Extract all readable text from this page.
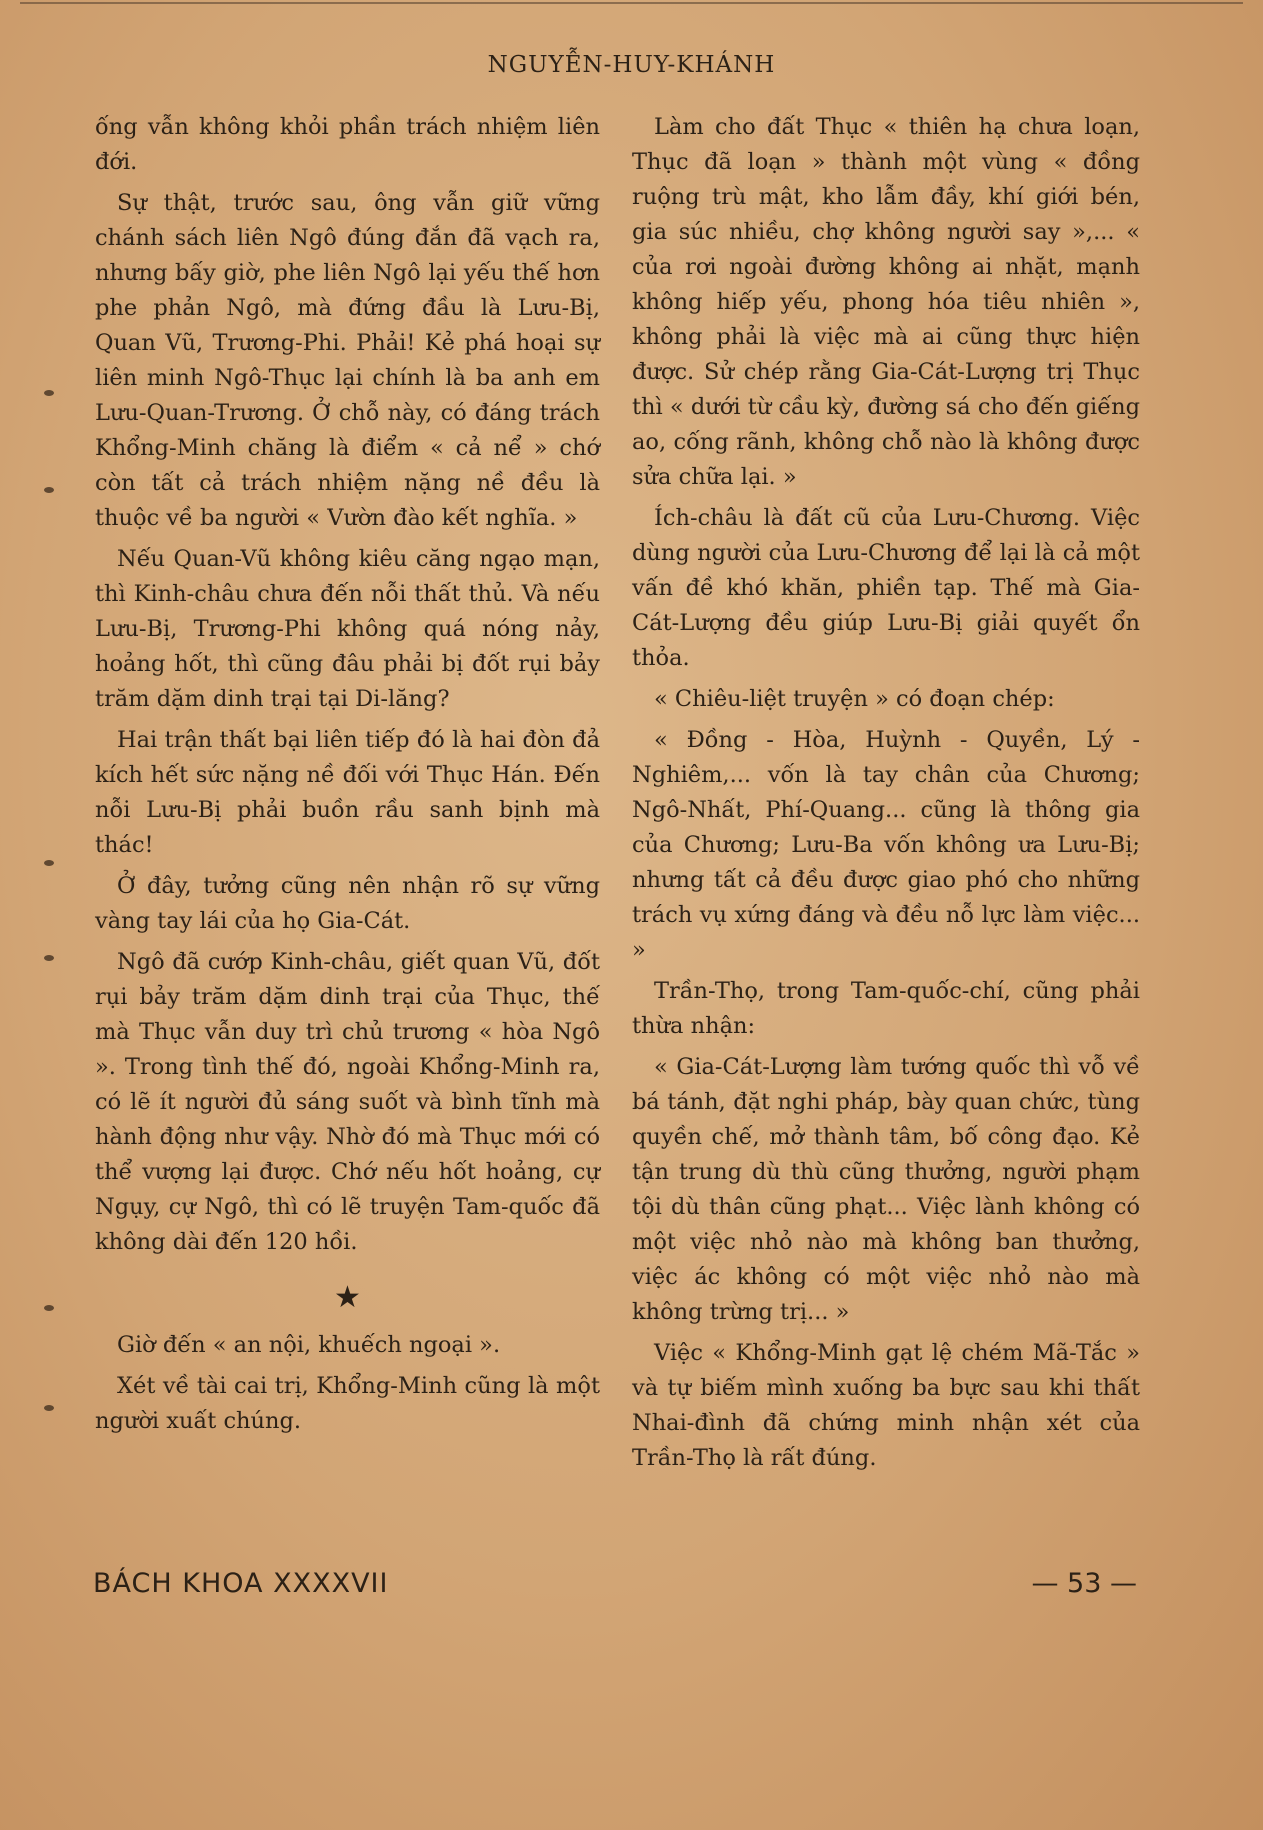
NGUYỄN-HUY-KHÁNH

ống vẫn không khỏi phần trách nhiệm liên đới.

Sự thật, trước sau, ông vẫn giữ vững chánh sách liên Ngô đúng đắn đã vạch ra, nhưng bấy giờ, phe liên Ngô lại yếu thế hơn phe phản Ngô, mà đứng đầu là Lưu-Bị, Quan Vũ, Trương-Phi. Phải! Kẻ phá hoại sự liên minh Ngô-Thục lại chính là ba anh em Lưu-Quan-Trương. Ở chỗ này, có đáng trách Khổng-Minh chăng là điểm « cả nể » chớ còn tất cả trách nhiệm nặng nề đều là thuộc về ba người « Vườn đào kết nghĩa. »

Nếu Quan-Vũ không kiêu căng ngạo mạn, thì Kinh-châu chưa đến nỗi thất thủ. Và nếu Lưu-Bị, Trương-Phi không quá nóng nảy, hoảng hốt, thì cũng đâu phải bị đốt rụi bảy trăm dặm dinh trại tại Di-lăng?

Hai trận thất bại liên tiếp đó là hai đòn đả kích hết sức nặng nề đối với Thục Hán. Đến nỗi Lưu-Bị phải buồn rầu sanh bịnh mà thác!

Ở đây, tưởng cũng nên nhận rõ sự vững vàng tay lái của họ Gia-Cát.

Ngô đã cướp Kinh-châu, giết quan Vũ, đốt rụi bảy trăm dặm dinh trại của Thục, thế mà Thục vẫn duy trì chủ trương « hòa Ngô ». Trong tình thế đó, ngoài Khổng-Minh ra, có lẽ ít người đủ sáng suốt và bình tĩnh mà hành động như vậy. Nhờ đó mà Thục mới có thể vượng lại được. Chớ nếu hốt hoảng, cự Ngụy, cự Ngô, thì có lẽ truyện Tam-quốc đã không dài đến 120 hồi.

★

Giờ đến « an nội, khuếch ngoại ».

Xét về tài cai trị, Khổng-Minh cũng là một người xuất chúng.

Làm cho đất Thục « thiên hạ chưa loạn, Thục đã loạn » thành một vùng « đồng ruộng trù mật, kho lẫm đầy, khí giới bén, gia súc nhiều, chợ không người say »,... « của rơi ngoài đường không ai nhặt, mạnh không hiếp yếu, phong hóa tiêu nhiên », không phải là việc mà ai cũng thực hiện được. Sử chép rằng Gia-Cát-Lượng trị Thục thì « dưới từ cầu kỳ, đường sá cho đến giếng ao, cống rãnh, không chỗ nào là không được sửa chữa lại. »

Ích-châu là đất cũ của Lưu-Chương. Việc dùng người của Lưu-Chương để lại là cả một vấn đề khó khăn, phiền tạp. Thế mà Gia-Cát-Lượng đều giúp Lưu-Bị giải quyết ổn thỏa.

« Chiêu-liệt truyện » có đoạn chép:

« Đồng - Hòa, Huỳnh - Quyền, Lý - Nghiêm,... vốn là tay chân của Chương; Ngô-Nhất, Phí-Quang... cũng là thông gia của Chương; Lưu-Ba vốn không ưa Lưu-Bị; nhưng tất cả đều được giao phó cho những trách vụ xứng đáng và đều nỗ lực làm việc... »

Trần-Thọ, trong Tam-quốc-chí, cũng phải thừa nhận:

« Gia-Cát-Lượng làm tướng quốc thì vỗ về bá tánh, đặt nghi pháp, bày quan chức, tùng quyền chế, mở thành tâm, bố công đạo. Kẻ tận trung dù thù cũng thưởng, người phạm tội dù thân cũng phạt... Việc lành không có một việc nhỏ nào mà không ban thưởng, việc ác không có một việc nhỏ nào mà không trừng trị... »

Việc « Khổng-Minh gạt lệ chém Mã-Tắc » và tự biếm mình xuống ba bực sau khi thất Nhai-đình đã chứng minh nhận xét của Trần-Thọ là rất đúng.

BÁCH KHOA XXXXVII	— 53 —
